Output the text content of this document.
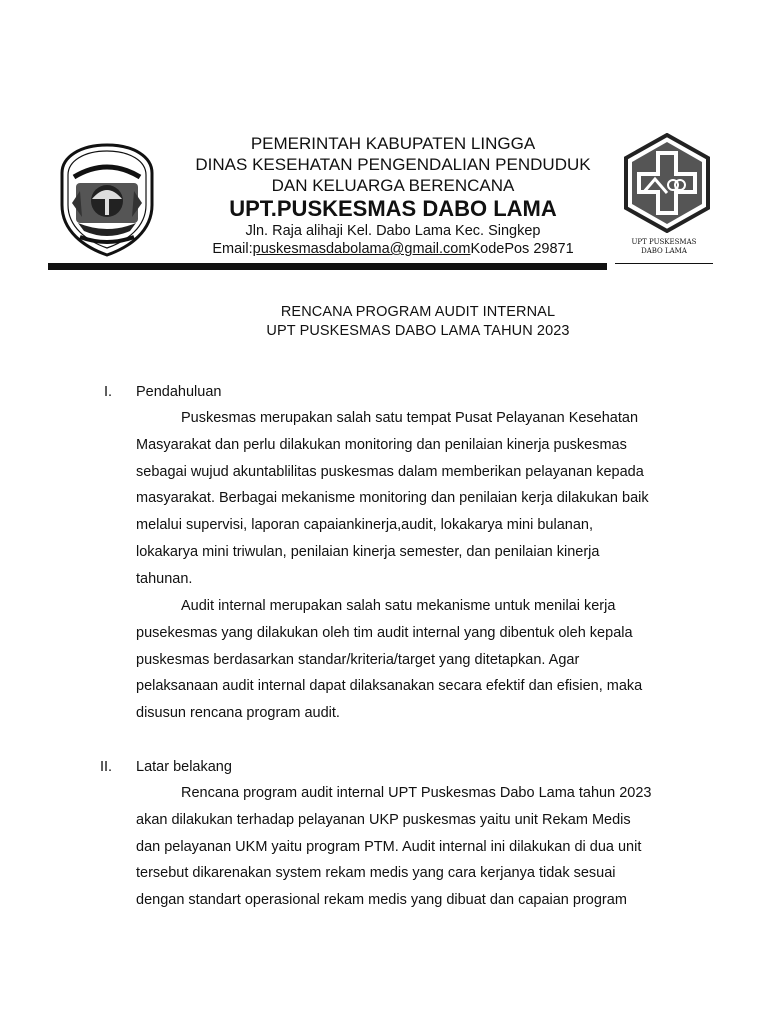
PEMERINTAH KABUPATEN LINGGA
DINAS KESEHATAN PENGENDALIAN PENDUDUK
DAN KELUARGA BERENCANA
UPT.PUSKESMAS DABO LAMA
Jln. Raja alihaji Kel. Dabo Lama Kec. Singkep
Email:puskesmasdabolama@gmail.comKodePos 29871	UPT PUSKESMAS
DABO LAMA
RENCANA PROGRAM AUDIT INTERNAL
UPT PUSKESMAS DABO LAMA TAHUN 2023
I. Pendahuluan
Puskesmas merupakan salah satu tempat Pusat Pelayanan Kesehatan
Masyarakat dan perlu dilakukan monitoring dan penilaian kinerja puskesmas
sebagai wujud akuntablilitas puskesmas dalam memberikan pelayanan kepada
masyarakat. Berbagai mekanisme monitoring dan penilaian kerja dilakukan baik
melalui supervisi, laporan capaiankinerja,audit, lokakarya mini bulanan,
lokakarya mini triwulan, penilaian kinerja semester, dan penilaian kinerja
tahunan.
Audit internal merupakan salah satu mekanisme untuk menilai kerja
pusekesmas yang dilakukan oleh tim audit internal yang dibentuk oleh kepala
puskesmas berdasarkan standar/kriteria/target yang ditetapkan. Agar
pelaksanaan audit internal dapat dilaksanakan secara efektif dan efisien, maka
disusun rencana program audit.
II. Latar belakang
Rencana program audit internal UPT Puskesmas Dabo Lama tahun 2023
akan dilakukan terhadap pelayanan UKP puskesmas yaitu unit Rekam Medis
dan pelayanan UKM yaitu program PTM. Audit internal ini dilakukan di dua unit
tersebut dikarenakan system rekam medis yang cara kerjanya tidak sesuai
dengan standart operasional rekam medis yang dibuat dan capaian program
